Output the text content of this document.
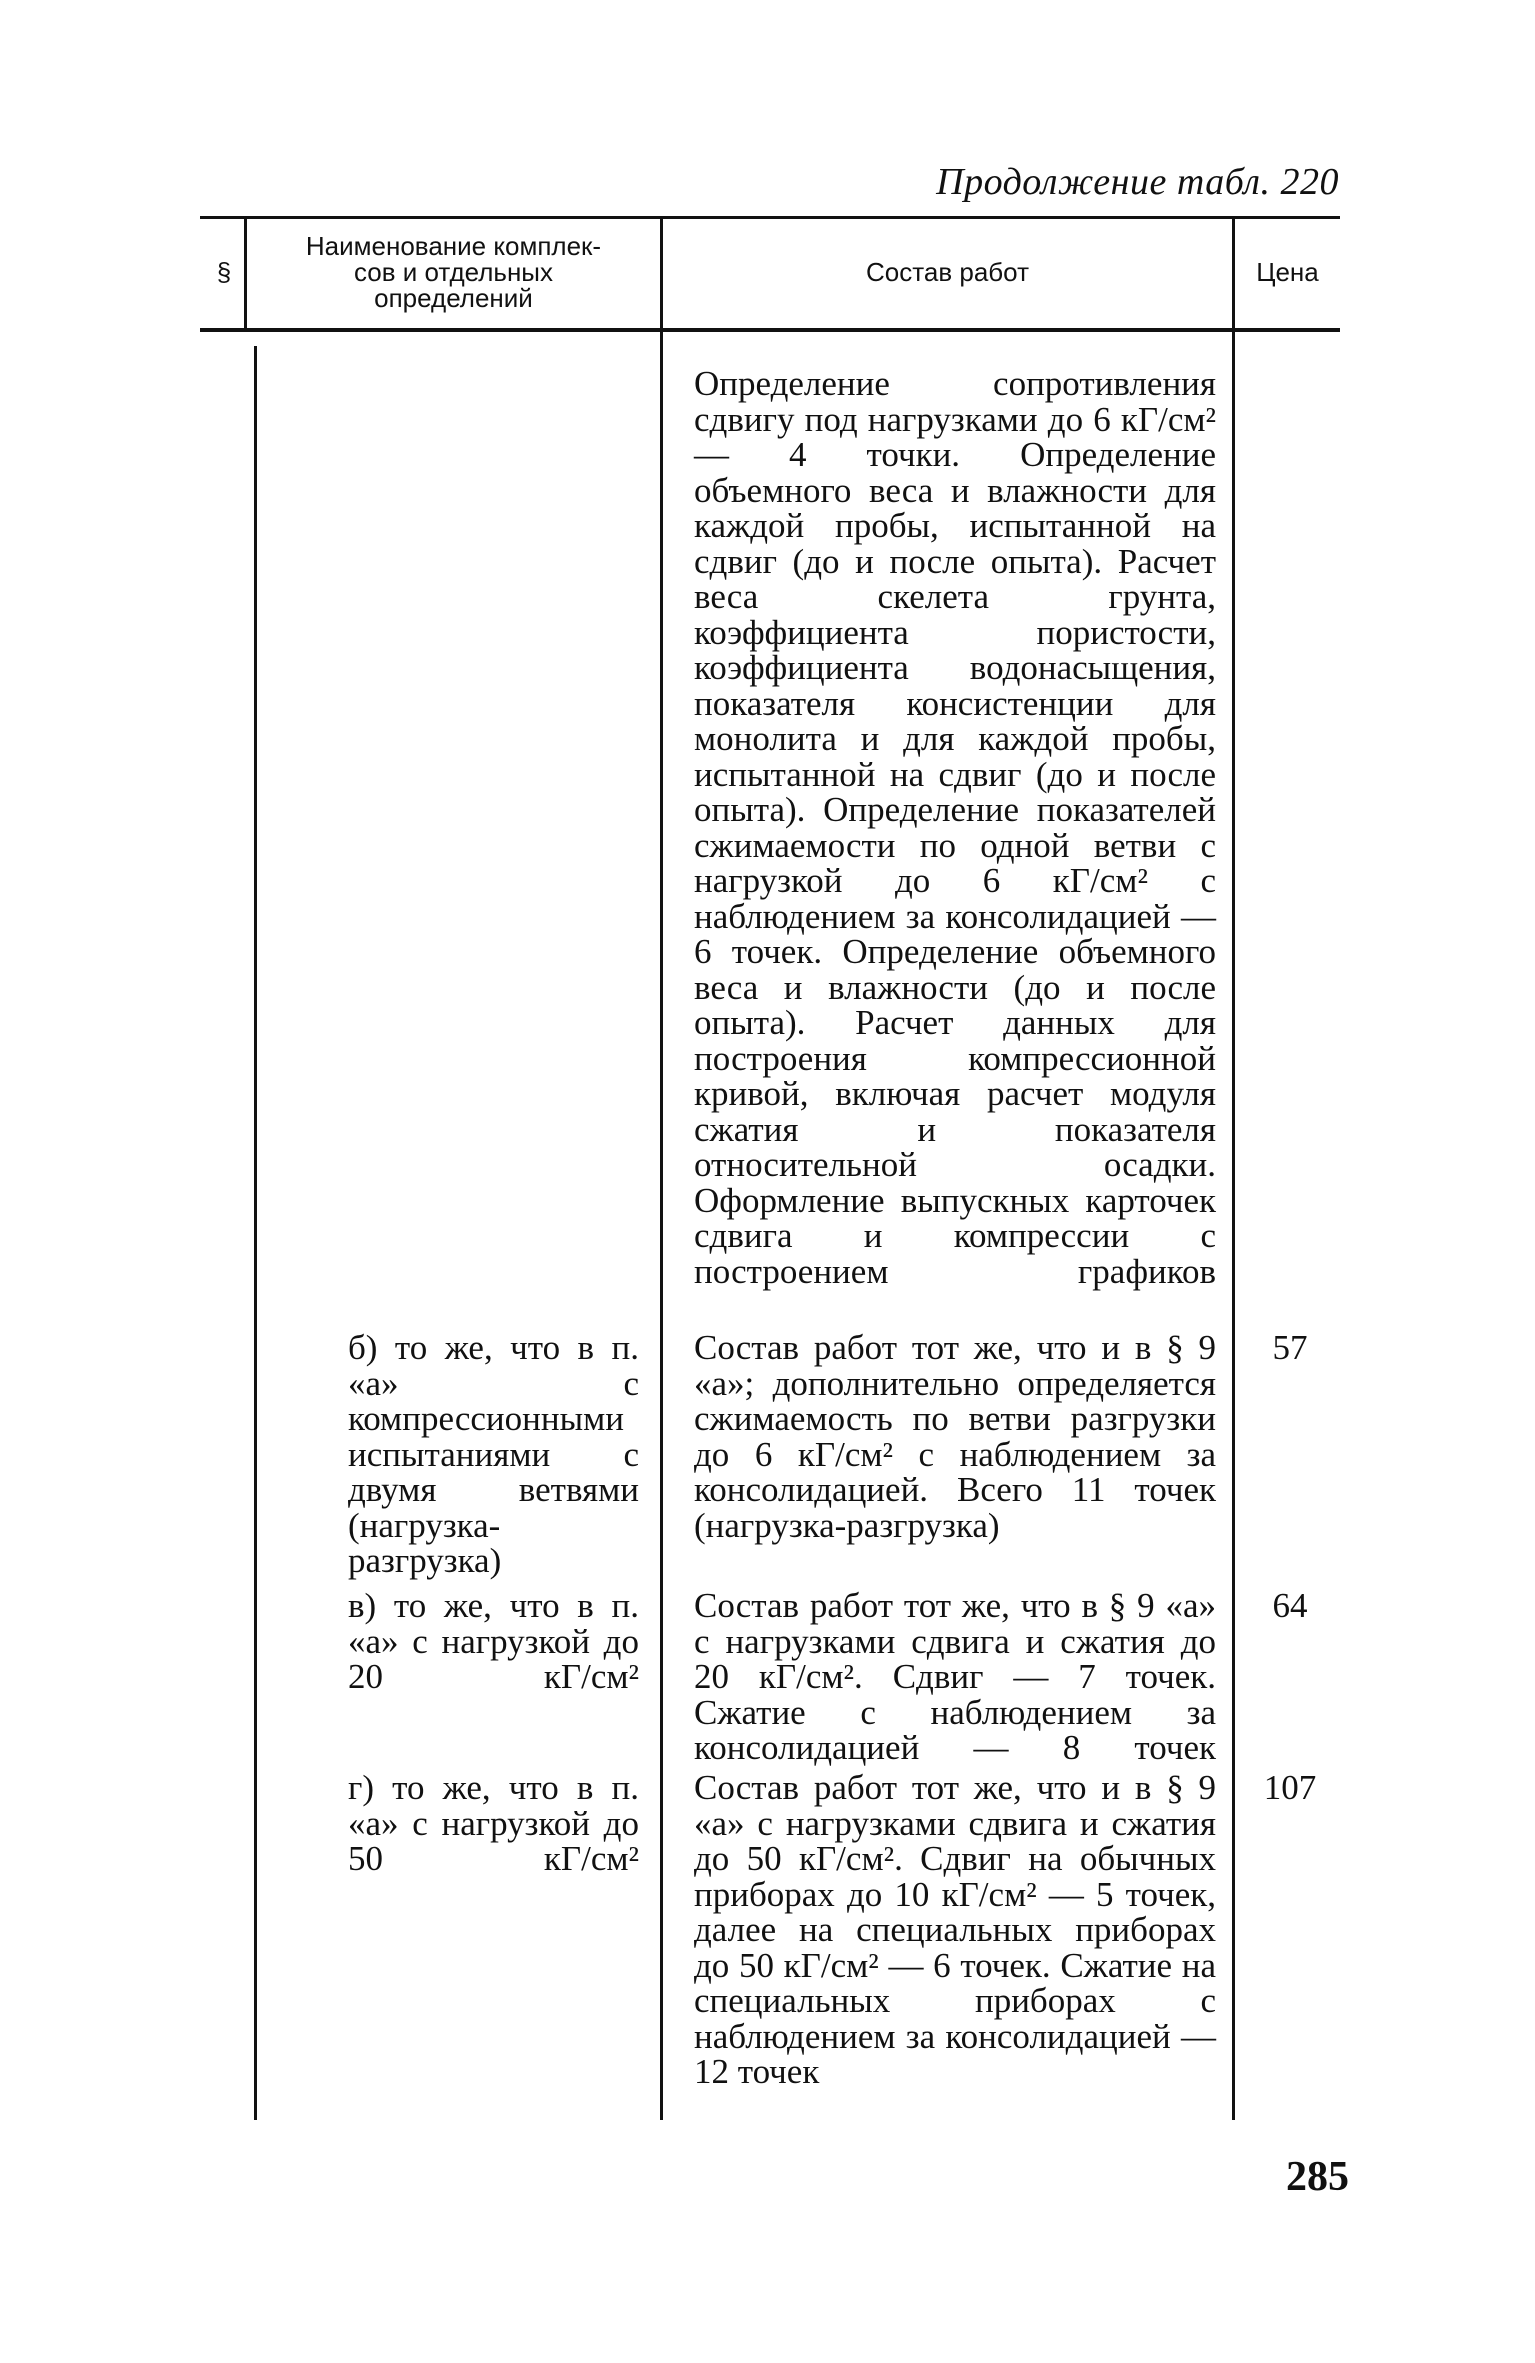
Продолжение табл. 220
§
Наименование комплек-
сов и отдельных
определений
Состав работ	Цена
Определение сопротивления сдвигу под нагрузками до 6 кГ/см² — 4 точки. Определение объемного веса и влажности для каждой пробы, испытанной на сдвиг (до и после опыта). Расчет веса скелета грунта, коэффициента пористости, коэффициента водонасыщения, показателя консистенции для монолита и для каждой пробы, испытанной на сдвиг (до и после опыта). Определение показателей сжимаемости по одной ветви с нагрузкой до 6 кГ/см² с наблюдением за консолидацией — 6 точек. Определение объемного веса и влажности (до и после опыта). Расчет данных для построения компрессионной кривой, включая расчет модуля сжатия и показателя относительной осадки. Оформление выпускных карточек сдвига и компрессии с построением графиков
б) то же, что в п. «а» с компрессионными испытаниями с двумя ветвями (нагрузка-разгрузка)
Состав работ тот же, что и в § 9 «а»; дополнительно определяется сжимаемость по ветви разгрузки до 6 кГ/см² с наблюдением за консолидацией. Всего 11 точек (нагрузка-разгрузка)
57
в) то же, что в п. «а» с нагрузкой до 20 кГ/см²
Состав работ тот же, что в § 9 «а» с нагрузками сдвига и сжатия до 20 кГ/см². Сдвиг — 7 точек. Сжатие с наблюдением за консолидацией — 8 точек
64
г) то же, что в п. «а» с нагрузкой до 50 кГ/см²
Состав работ тот же, что и в § 9 «а» с нагрузками сдвига и сжатия до 50 кГ/см². Сдвиг на обычных приборах до 10 кГ/см² — 5 точек, далее на специальных приборах до 50 кГ/см² — 6 точек. Сжатие на специальных приборах с наблюдением за консолидацией — 12 точек
107
285
